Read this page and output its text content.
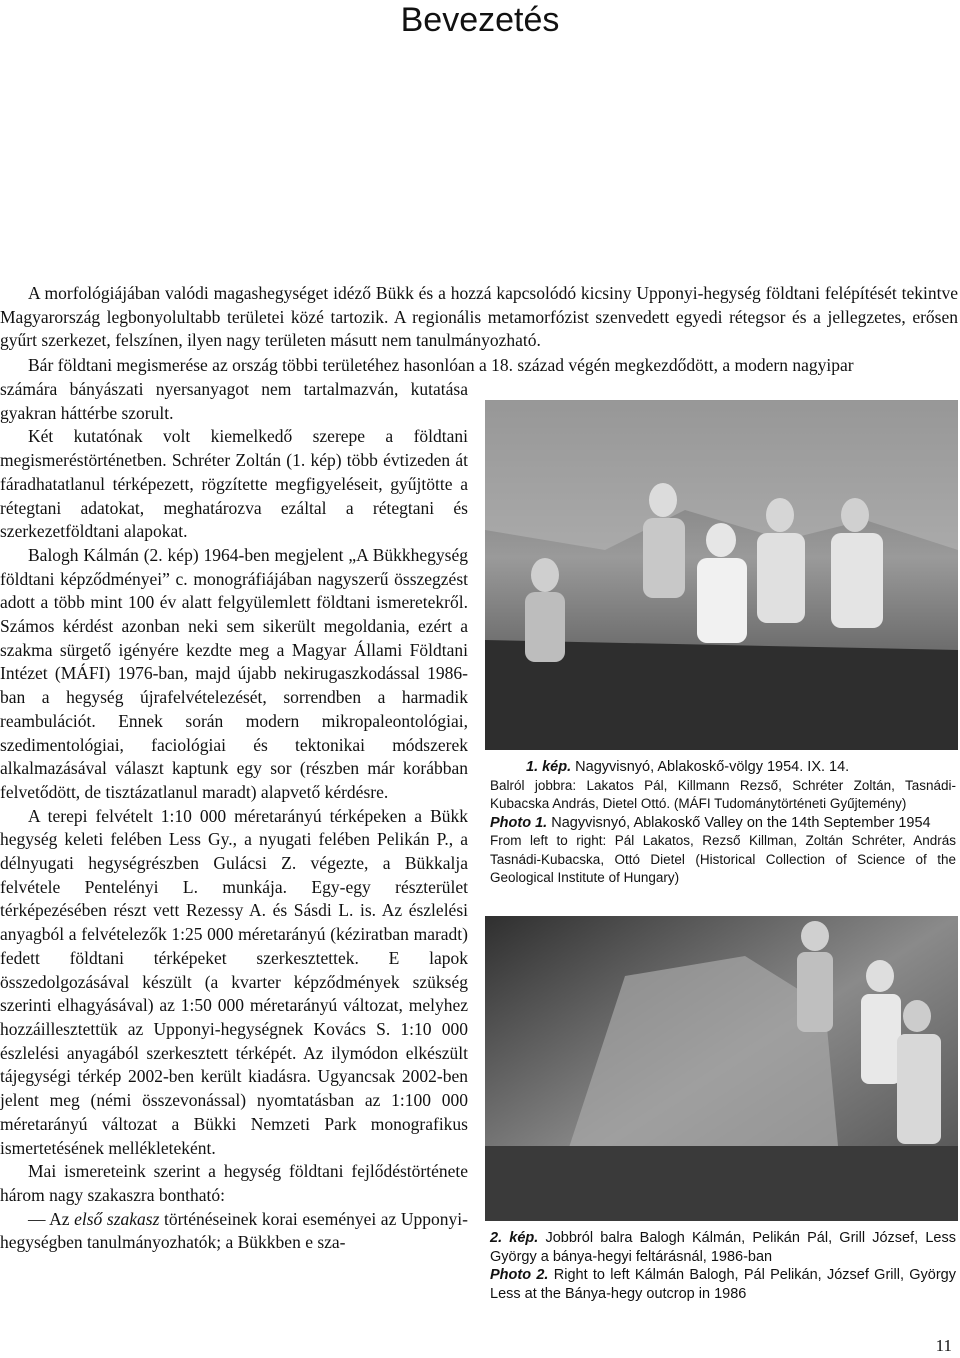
Bevezetés

A morfológiájában valódi magashegységet idéző Bükk és a hozzá kapcsolódó kicsiny Upponyi-hegység földtani felépítését tekintve Magyarország legbonyolultabb területei közé tartozik. A regionális metamorfózist szenvedett egyedi rétegsor és a jellegzetes, erősen gyűrt szerkezet, felszínen, ilyen nagy területen másutt nem tanulmányozható.

Bár földtani megismerése az ország többi területéhez hasonlóan a 18. század végén megkezdődött, a modern nagyipar

számára bányászati nyersanyagot nem tartalmazván, kutatása gyakran háttérbe szorult.

Két kutatónak volt kiemelkedő szerepe a földtani megismeréstörténetben. Schréter Zoltán (1. kép) több évtizeden át fáradhatatlanul térképezett, rögzítette megfigyeléseit, gyűjtötte a rétegtani adatokat, meghatározva ezáltal a rétegtani és szerkezetföldtani alapokat.

Balogh Kálmán (2. kép) 1964-ben megjelent „A Bükkhegység földtani képződményei” c. monográfiájában nagyszerű összegzést adott a több mint 100 év alatt felgyülemlett földtani ismeretekről. Számos kérdést azonban neki sem sikerült megoldania, ezért a szakma sürgető igényére kezdte meg a Magyar Állami Földtani Intézet (MÁFI) 1976-ban, majd újabb nekirugaszkodással 1986-ban a hegység újrafelvételezését, sorrendben a harmadik reambulációt. Ennek során modern mikropaleontológiai, szedimentológiai, faciológiai és tektonikai módszerek alkalmazásával választ kaptunk egy sor (részben már korábban felvetődött, de tisztázatlanul maradt) alapvető kérdésre.

A terepi felvételt 1:10 000 méretarányú térképeken a Bükk hegység keleti felében Less Gy., a nyugati felében Pelikán P., a délnyugati hegységrészben Gulácsi Z. végezte, a Bükkalja felvétele Pentelényi L. munkája. Egy-egy részterület térképezésében részt vett Rezessy A. és Sásdi L. is. Az észlelési anyagból a felvételezők 1:25 000 méretarányú (kéziratban maradt) fedett földtani térképeket szerkesztettek. E lapok összedolgozásával készült (a kvarter képződmények szükség szerinti elhagyásával) az 1:50 000 méretarányú változat, melyhez hozzáillesztettük az Upponyi-hegységnek Kovács S. 1:10 000 észlelési anyagából szerkesztett térképét. Az ilymódon elkészült tájegységi térkép 2002-ben került kiadásra. Ugyancsak 2002-ben jelent meg (némi összevonással) nyomtatásban az 1:100 000 méretarányú változat a Bükki Nemzeti Park monografikus ismertetésének mellékleteként.

Mai ismereteink szerint a hegység földtani fejlődéstörténete három nagy szakaszra bontható:

— Az első szakasz történéseinek korai eseményei az Upponyi-hegységben tanulmányozhatók; a Bükkben e sza-

1. kép. Nagyvisnyó, Ablakoskő-völgy 1954. IX. 14.
Balról jobbra: Lakatos Pál, Killmann Rezső, Schréter Zoltán, Tasnádi-Kubacska András, Dietel Ottó. (MÁFI Tudománytörténeti Gyűjtemény)
Photo 1. Nagyvisnyó, Ablakoskő Valley on the 14th September 1954
From left to right: Pál Lakatos, Rezső Killman, Zoltán Schréter, András Tasnádi-Kubacska, Ottó Dietel (Historical Collection of Science of the Geological Institute of Hungary)
2. kép. Jobbról balra Balogh Kálmán, Pelikán Pál, Grill József, Less György a bánya-hegyi feltárásnál, 1986-ban
Photo 2. Right to left Kálmán Balogh, Pál Pelikán, József Grill, György Less at the Bánya-hegy outcrop in 1986
11
